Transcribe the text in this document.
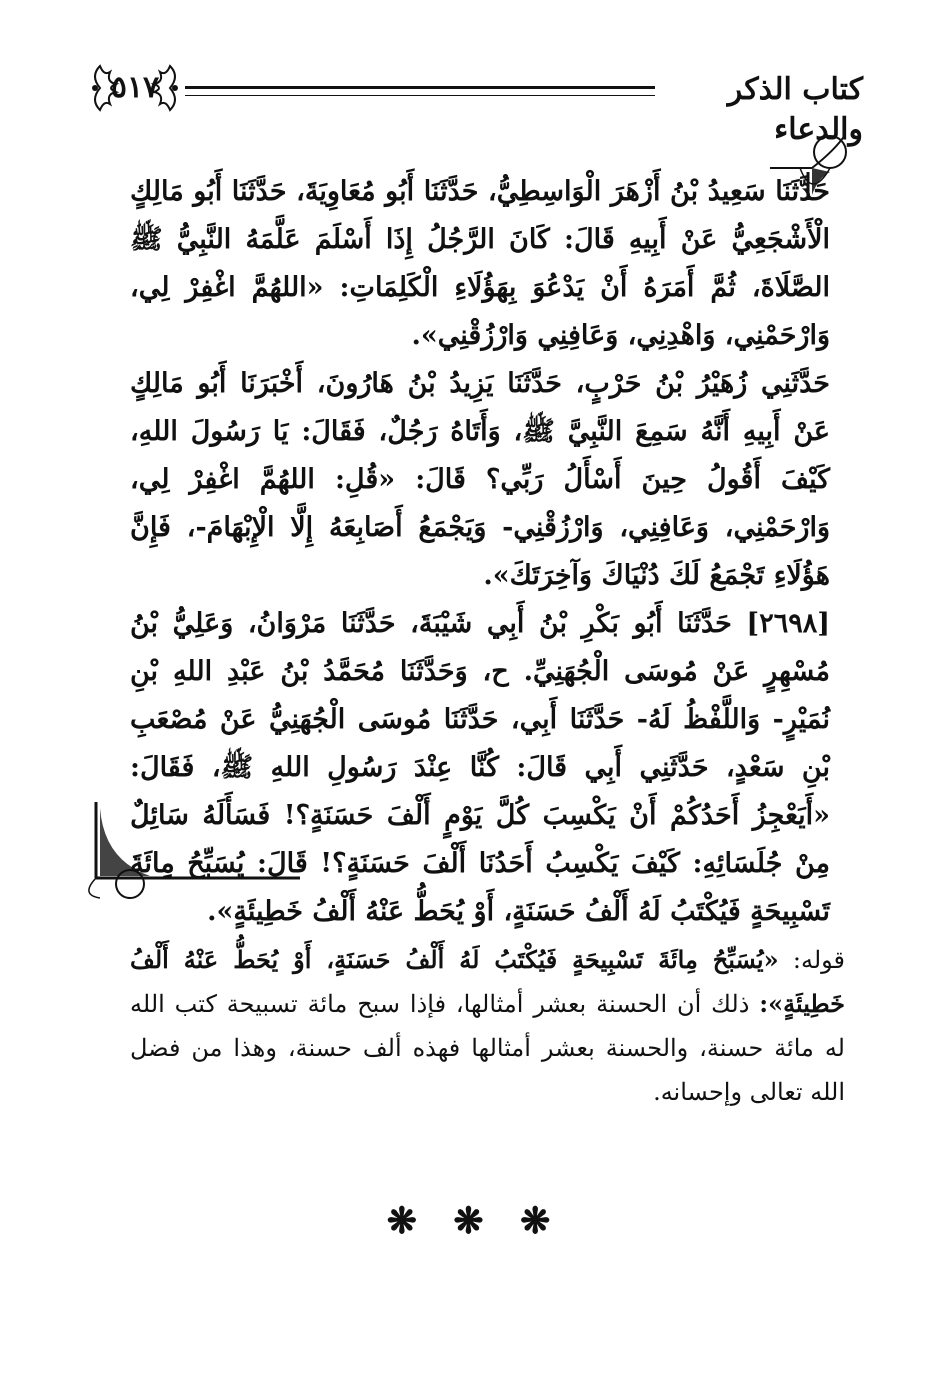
كتاب الذكر والدعاء
٥١٧

حَدَّثَنَا سَعِيدُ بْنُ أَزْهَرَ الْوَاسِطِيُّ، حَدَّثَنَا أَبُو مُعَاوِيَةَ، حَدَّثَنَا أَبُو مَالِكٍ الْأَشْجَعِيُّ عَنْ أَبِيهِ قَالَ: كَانَ الرَّجُلُ إِذَا أَسْلَمَ عَلَّمَهُ النَّبِيُّ ﷺ الصَّلَاةَ، ثُمَّ أَمَرَهُ أَنْ يَدْعُوَ بِهَؤُلَاءِ الْكَلِمَاتِ: «اللهُمَّ اغْفِرْ لِي، وَارْحَمْنِي، وَاهْدِنِي، وَعَافِنِي وَارْزُقْنِي».

حَدَّثَنِي زُهَيْرُ بْنُ حَرْبٍ، حَدَّثَنَا يَزِيدُ بْنُ هَارُونَ، أَخْبَرَنَا أَبُو مَالِكٍ عَنْ أَبِيهِ أَنَّهُ سَمِعَ النَّبِيَّ ﷺ، وَأَتَاهُ رَجُلٌ، فَقَالَ: يَا رَسُولَ اللهِ، كَيْفَ أَقُولُ حِينَ أَسْأَلُ رَبِّي؟ قَالَ: «قُلِ: اللهُمَّ اغْفِرْ لِي، وَارْحَمْنِي، وَعَافِنِي، وَارْزُقْنِي- وَيَجْمَعُ أَصَابِعَهُ إِلَّا الْإِبْهَامَ-، فَإِنَّ هَؤُلَاءِ تَجْمَعُ لَكَ دُنْيَاكَ وَآخِرَتَكَ».

[٢٦٩٨] حَدَّثَنَا أَبُو بَكْرِ بْنُ أَبِي شَيْبَةَ، حَدَّثَنَا مَرْوَانُ، وَعَلِيُّ بْنُ مُسْهِرٍ عَنْ مُوسَى الْجُهَنِيِّ. ح، وَحَدَّثَنَا مُحَمَّدُ بْنُ عَبْدِ اللهِ بْنِ نُمَيْرٍ- وَاللَّفْظُ لَهُ- حَدَّثَنَا أَبِي، حَدَّثَنَا مُوسَى الْجُهَنِيُّ عَنْ مُصْعَبِ بْنِ سَعْدٍ، حَدَّثَنِي أَبِي قَالَ: كُنَّا عِنْدَ رَسُولِ اللهِ ﷺ، فَقَالَ: «أَيَعْجِزُ أَحَدُكُمْ أَنْ يَكْسِبَ كُلَّ يَوْمٍ أَلْفَ حَسَنَةٍ؟! فَسَأَلَهُ سَائِلٌ مِنْ جُلَسَائِهِ: كَيْفَ يَكْسِبُ أَحَدُنَا أَلْفَ حَسَنَةٍ؟! قَالَ: يُسَبِّحُ مِائَةَ تَسْبِيحَةٍ فَيُكْتَبُ لَهُ أَلْفُ حَسَنَةٍ، أَوْ يُحَطُّ عَنْهُ أَلْفُ خَطِيئَةٍ».

قوله: «يُسَبِّحُ مِائَةَ تَسْبِيحَةٍ فَيُكْتَبُ لَهُ أَلْفُ حَسَنَةٍ، أَوْ يُحَطُّ عَنْهُ أَلْفُ خَطِيئَةٍ»: ذلك أن الحسنة بعشر أمثالها، فإذا سبح مائة تسبيحة كتب الله له مائة حسنة، والحسنة بعشر أمثالها فهذه ألف حسنة، وهذا من فضل الله تعالى وإحسانه.

❋ ❋ ❋
